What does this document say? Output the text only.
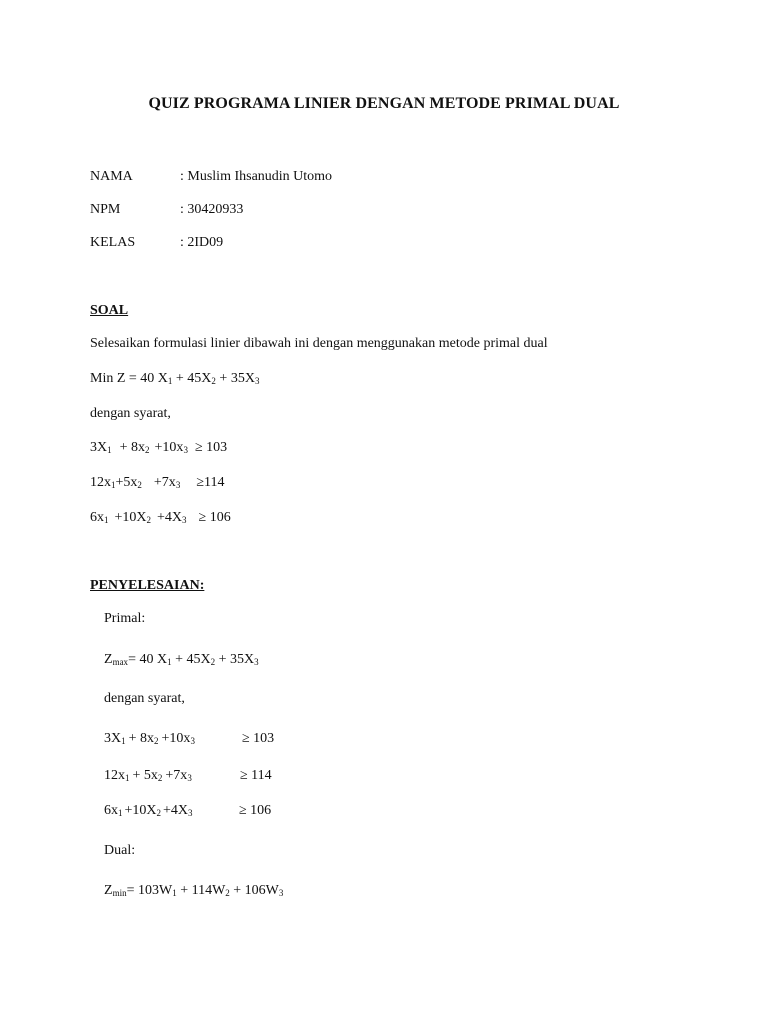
QUIZ PROGRAMA LINIER DENGAN METODE PRIMAL DUAL
NAMA	: Muslim Ihsanudin Utomo
NPM	: 30420933
KELAS	: 2ID09
SOAL
Selesaikan formulasi linier dibawah ini dengan menggunakan metode primal dual
Min Z = 40 $X_1 + 45X_2 + 35X_3$
dengan syarat,
$3X_1 + 8x_2 +10x_3 \ge 103$
$12x_1+5x_2 +7x_3 \ge 114$
$6x_1 +10X_2 +4X_3 \ge 106$
PENYELESAIAN:
Primal:
$Z_{max}= 40$ $X_1 + 45X_2 + 35X_3$
dengan syarat,
$3X_1 + 8x_2 +10x_3$	≥ 103
$12x_1 + 5x_2 +7x_3$	≥ 114
$6x_1 +10X_2 +4X_3$	≥ 106
Dual:
$Z_{min}= 103W_1 + 114W_2 + 106W_3$
